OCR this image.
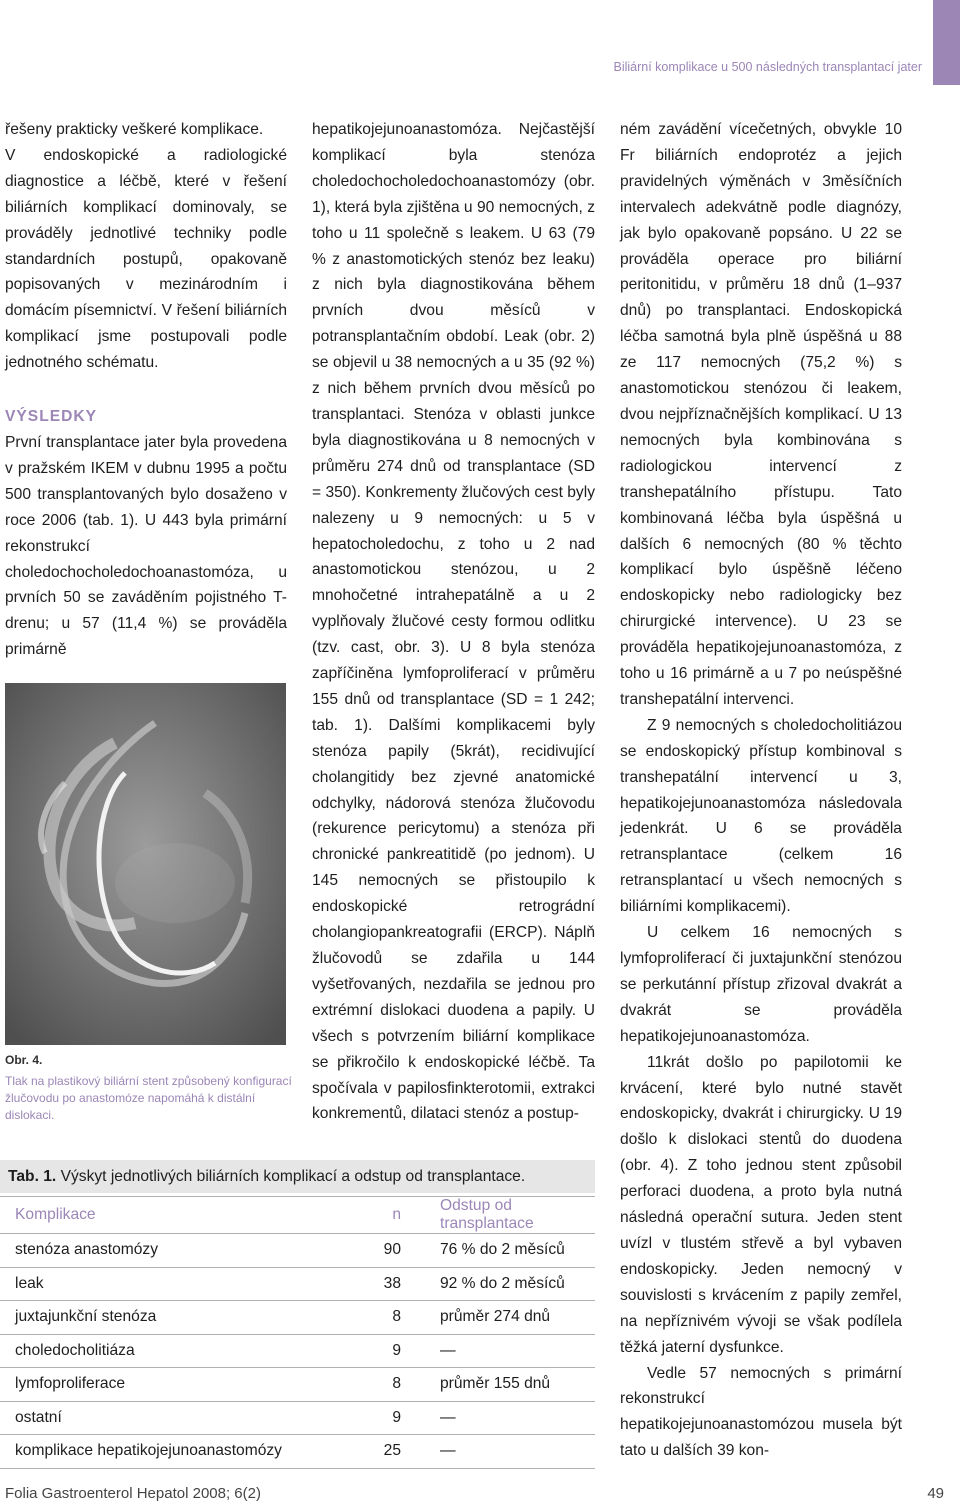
Biliární komplikace u 500 následných transplantací jater

řešeny prakticky veškeré komplikace.

V endoskopické a radiologické diagnostice a léčbě, které v řešení biliárních komplikací dominovaly, se prováděly jednotlivé techniky podle standardních postupů, opakovaně popisovaných v mezinárodním i domácím písemnictví. V řešení biliárních komplikací jsme postupovali podle jednotného schématu.

VÝSLEDKY

První transplantace jater byla provedena v pražském IKEM v dubnu 1995 a počtu 500 transplantovaných bylo dosaženo v roce 2006 (tab. 1). U 443 byla primární rekonstrukcí choledochocholedochoanastomóza, u prvních 50 se zaváděním pojistného T-drenu; u 57 (11,4 %) se prováděla primárně

Obr. 4.
Tlak na plastikový biliární stent způsobený konfigurací žlučovodu po anastomóze napomáhá k distální dislokaci.

hepatikojejunoanastomóza. Nejčastější komplikací byla stenóza choledochocholedochoanastomózy (obr. 1), která byla zjištěna u 90 nemocných, z toho u 11 společně s leakem. U 63 (79 % z anastomotických stenóz bez leaku) z nich byla diagnostikována během prvních dvou měsíců v potransplantačním období. Leak (obr. 2) se objevil u 38 nemocných a u 35 (92 %) z nich během prvních dvou měsíců po transplantaci. Stenóza v oblasti junkce byla diagnostikována u 8 nemocných v průměru 274 dnů od transplantace (SD = 350). Konkrementy žlučových cest byly nalezeny u 9 nemocných: u 5 v hepatocholedochu, z toho u 2 nad anastomotickou stenózou, u 2 mnohočetné intrahepatálně a u 2 vyplňovaly žlučové cesty formou odlitku (tzv. cast, obr. 3). U 8 byla stenóza zapříčiněna lymfoproliferací v průměru 155 dnů od transplantace (SD = 1 242; tab. 1). Dalšími komplikacemi byly stenóza papily (5krát), recidivující cholangitidy bez zjevné anatomické odchylky, nádorová stenóza žlučovodu (rekurence pericytomu) a stenóza při chronické pankreatitidě (po jednom). U 145 nemocných se přistoupilo k endoskopické retrográdní cholangiopankreatografii (ERCP). Náplň žlučovodů se zdařila u 144 vyšetřovaných, nezdařila se jednou pro extrémní dislokaci duodena a papily. U všech s potvrzením biliární komplikace se přikročilo k endoskopické léčbě. Ta spočívala v papilosfinkterotomii, extrakci konkrementů, dilataci stenóz a postup-

ném zavádění vícečetných, obvykle 10 Fr biliárních endoprotéz a jejich pravidelných výměnách v 3měsíčních intervalech adekvátně podle diagnózy, jak bylo opakovaně popsáno. U 22 se prováděla operace pro biliární peritonitidu, v průměru 18 dnů (1–937 dnů) po transplantaci. Endoskopická léčba samotná byla plně úspěšná u 88 ze 117 nemocných (75,2 %) s anastomotickou stenózou či leakem, dvou nejpříznačnějších komplikací. U 13 nemocných byla kombinována s radiologickou intervencí z transhepatálního přístupu. Tato kombinovaná léčba byla úspěšná u dalších 6 nemocných (80 % těchto komplikací bylo úspěšně léčeno endoskopicky nebo radiologicky bez chirurgické intervence). U 23 se prováděla hepatikojejunoanastomóza, z toho u 16 primárně a u 7 po neúspěšné transhepatální intervenci.

Z 9 nemocných s choledocholitiázou se endoskopický přístup kombinoval s transhepatální intervencí u 3, hepatikojejunoanastomóza následovala jedenkrát. U 6 se prováděla retransplantace (celkem 16 retransplantací u všech nemocných s biliárními komplikacemi).

U celkem 16 nemocných s lymfoproliferací či juxtajunkční stenózou se perkutánní přístup zřizoval dvakrát a dvakrát se prováděla hepatikojejunoanastomóza.

11krát došlo po papilotomii ke krvácení, které bylo nutné stavět endoskopicky, dvakrát i chirurgicky. U 19 došlo k dislokaci stentů do duodena (obr. 4). Z toho jednou stent způsobil perforaci duodena, a proto byla nutná následná operační sutura. Jeden stent uvízl v tlustém střevě a byl vybaven endoskopicky. Jeden nemocný v souvislosti s krvácením z papily zemřel, na nepříznivém vývoji se však podílela těžká jaterní dysfunkce.

Vedle 57 nemocných s primární rekonstrukcí hepatikojejunoanastomózou musela být tato u dalších 39 kon-

Tab. 1. Výskyt jednotlivých biliárních komplikací a odstup od transplantace.
Komplikace	n	Odstup od transplantace
stenóza anastomózy	90	76 % do 2 měsíců
leak	38	92 % do 2 měsíců
juxtajunkční stenóza	8	průměr 274 dnů
choledocholitiáza	9	—
lymfoproliferace	8	průměr 155 dnů
ostatní	9	—
komplikace hepatikojejunoanastomózy	25	—
Folia Gastroenterol Hepatol 2008; 6(2)	49
